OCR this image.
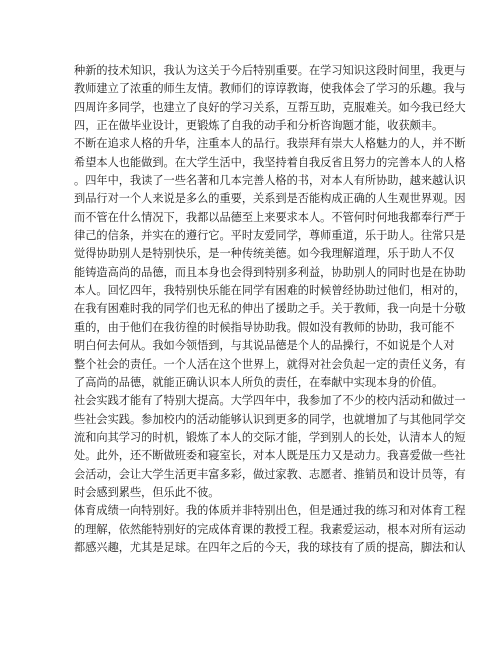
种新的技术知识，我认为这关于今后特别重要。在学习知识这段时间里，我更与
教师建立了浓重的师生友情。教师们的谆谆教诲，使我体会了学习的乐趣。我与
四周许多同学，也建立了良好的学习关系，互帮互助，克服难关。如今我已经大
四，正在做毕业设计，更锻炼了自我的动手和分析咨询题才能，收获颇丰。
不断在追求人格的升华，注重本人的品行。我崇拜有崇大人格魅力的人，并不断
希望本人也能做到。在大学生活中，我坚持着自我反省且努力的完善本人的人格
。四年中，我读了一些名著和几本完善人格的书，对本人有所协助，越来越认识
到品行对一个人来说是多么的重要，关系到是否能构成正确的人生观世界观。因
而不管在什么情况下，我都以品德至上来要求本人。不管何时何地我都奉行严于
律己的信条，并实在的遵行它。平时友爱同学，尊师重道，乐于助人。往常只是
觉得协助别人是特别快乐，是一种传统美德。如今我理解道理，乐于助人不仅
能铸造高尚的品德，而且本身也会得到特别多利益，协助别人的同时也是在协助
本人。回忆四年，我特别快乐能在同学有困难的时候曾经协助过他们，相对的，
在我有困难时我的同学们也无私的伸出了援助之手。关于教师，我一向是十分敬
重的，由于他们在我彷徨的时候指导协助我。假如没有教师的协助，我可能不
明白何去何从。我如今领悟到，与其说品德是个人的品操行，不如说是个人对
整个社会的责任。一个人活在这个世界上，就得对社会负起一定的责任义务，有
了高尚的品德，就能正确认识本人所负的责任，在奉献中实现本身的价值。
社会实践才能有了特别大提高。大学四年中，我参加了不少的校内活动和做过一
些社会实践。参加校内的活动能够认识到更多的同学，也就增加了与其他同学交
流和向其学习的时机，锻炼了本人的交际才能，学到别人的长处，认清本人的短
处。此外，还不断做班委和寝室长，对本人既是压力又是动力。我喜爱做一些社
会活动，会让大学生活更丰富多彩，做过家教、志愿者、推销员和设计员等，有
时会感到累些，但乐此不彼。
体育成绩一向特别好。我的体质并非特别出色，但是通过我的练习和对体育工程
的理解，依然能特别好的完成体育课的教授工程。我素爱运动，根本对所有运动
都感兴趣，尤其是足球。在四年之后的今天，我的球技有了质的提高，脚法和认
